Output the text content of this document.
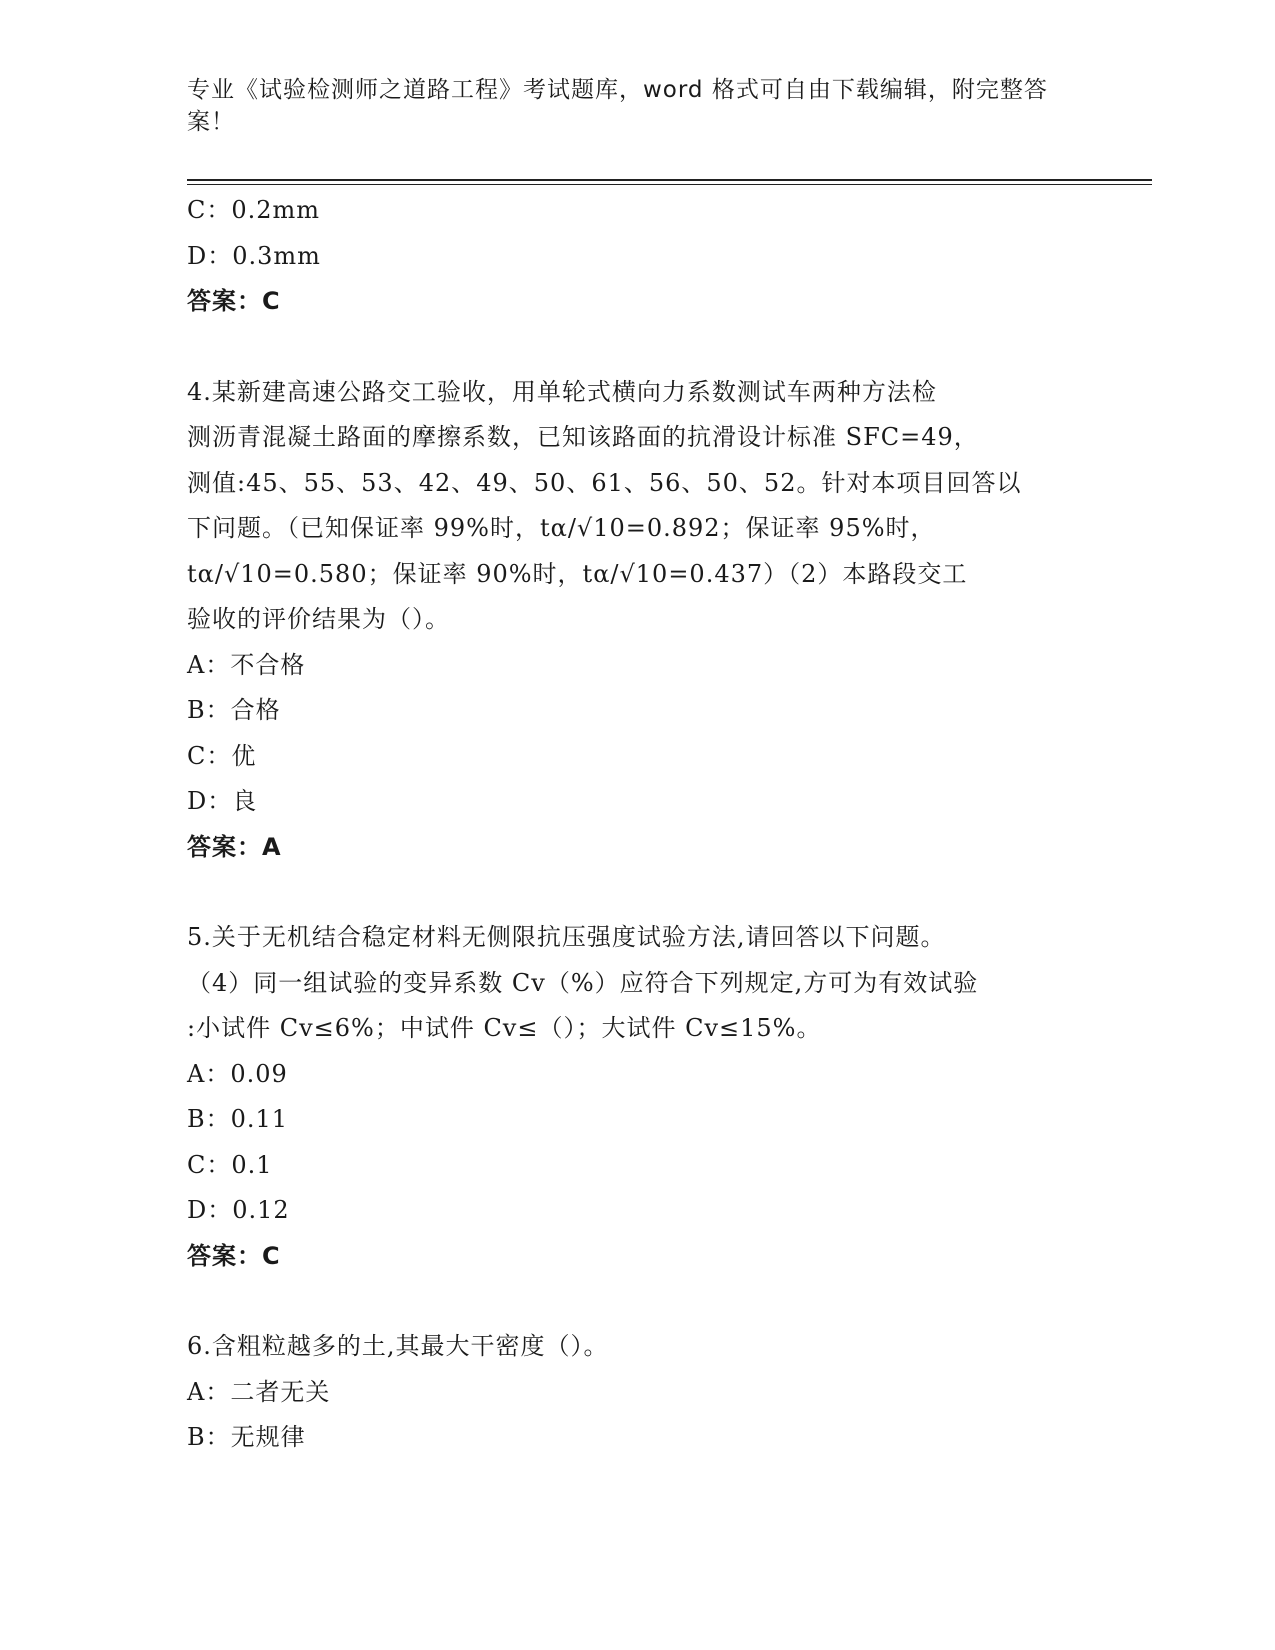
专业《试验检测师之道路工程》考试题库，word 格式可自由下载编辑，附完整答
案！
C：0.2mm
D：0.3mm
答案：C
4.某新建高速公路交工验收，用单轮式横向力系数测试车两种方法检
测沥青混凝土路面的摩擦系数，已知该路面的抗滑设计标准 SFC=49，
测值:45、55、53、42、49、50、61、56、50、52。针对本项目回答以
下问题。（已知保证率 99%时，tα/√10=0.892；保证率 95%时，
tα/√10=0.580；保证率 90%时，tα/√10=0.437）（2）本路段交工
验收的评价结果为（）。
A：不合格
B：合格
C：优
D：良
答案：A
5.关于无机结合稳定材料无侧限抗压强度试验方法,请回答以下问题。
（4）同一组试验的变异系数 Cv（%）应符合下列规定,方可为有效试验
:小试件 Cv≤6%；中试件 Cv≤（）；大试件 Cv≤15%。
A：0.09
B：0.11
C：0.1
D：0.12
答案：C
6.含粗粒越多的土,其最大干密度（）。
A：二者无关
B：无规律
